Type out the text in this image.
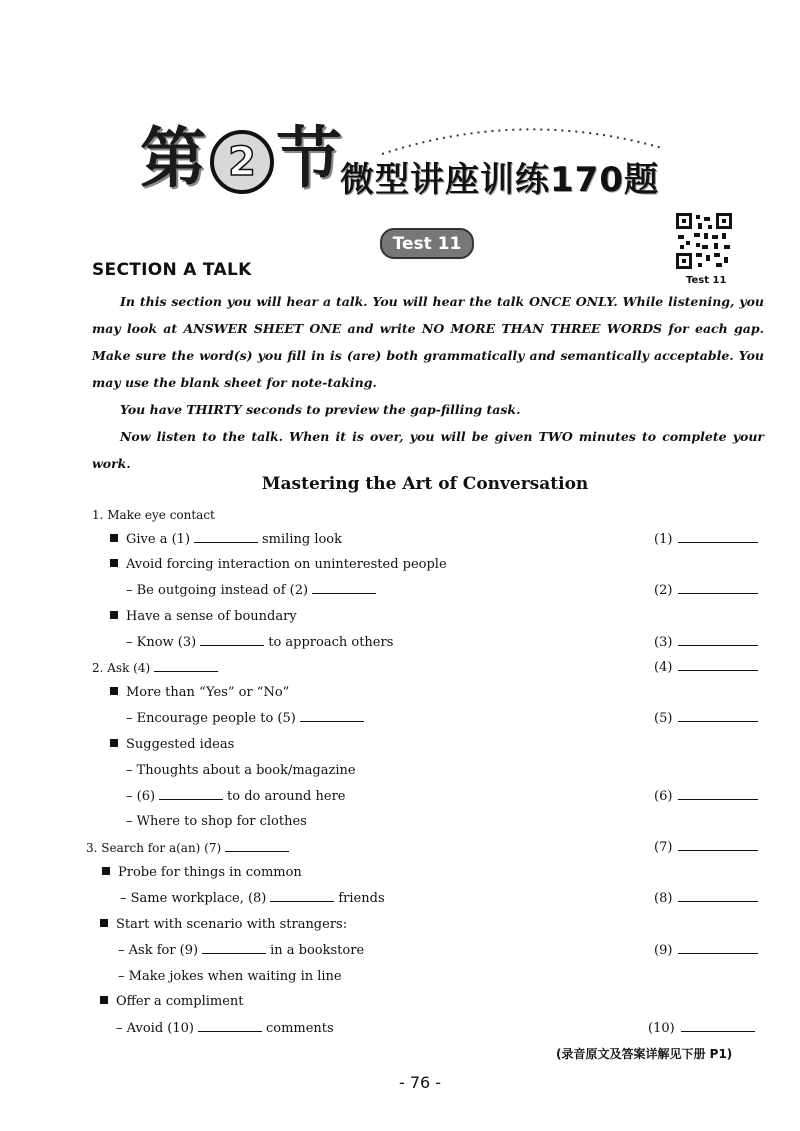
第 2 节
微型讲座训练170题
Test 11
Test 11
SECTION A TALK

In this section you will hear a talk. You will hear the talk ONCE ONLY. While listening, you may look at ANSWER SHEET ONE and write NO MORE THAN THREE WORDS for each gap. Make sure the word(s) you fill in is (are) both grammatically and semantically acceptable. You may use the blank sheet for note-taking.

You have THIRTY seconds to preview the gap-filling task.

Now listen to the talk. When it is over, you will be given TWO minutes to complete your work.

Mastering the Art of Conversation
1. Make eye contact
Give a (1)	smiling look	(1)
Avoid forcing interaction on uninterested people
– Be outgoing instead of (2)	(2)
Have a sense of boundary
– Know (3)	to approach others	(3)
2. Ask (4)	(4)
More than “Yes” or “No”
– Encourage people to (5)	(5)
Suggested ideas
– Thoughts about a book/magazine
– (6)	to do around here	(6)
– Where to shop for clothes
3. Search for a(an) (7)	(7)
Probe for things in common
– Same workplace, (8)	friends	(8)
Start with scenario with strangers:
– Ask for (9)	in a bookstore	(9)
– Make jokes when waiting in line
Offer a compliment
– Avoid (10)	comments	(10)
(录音原文及答案详解见下册 P1)
- 76 -
